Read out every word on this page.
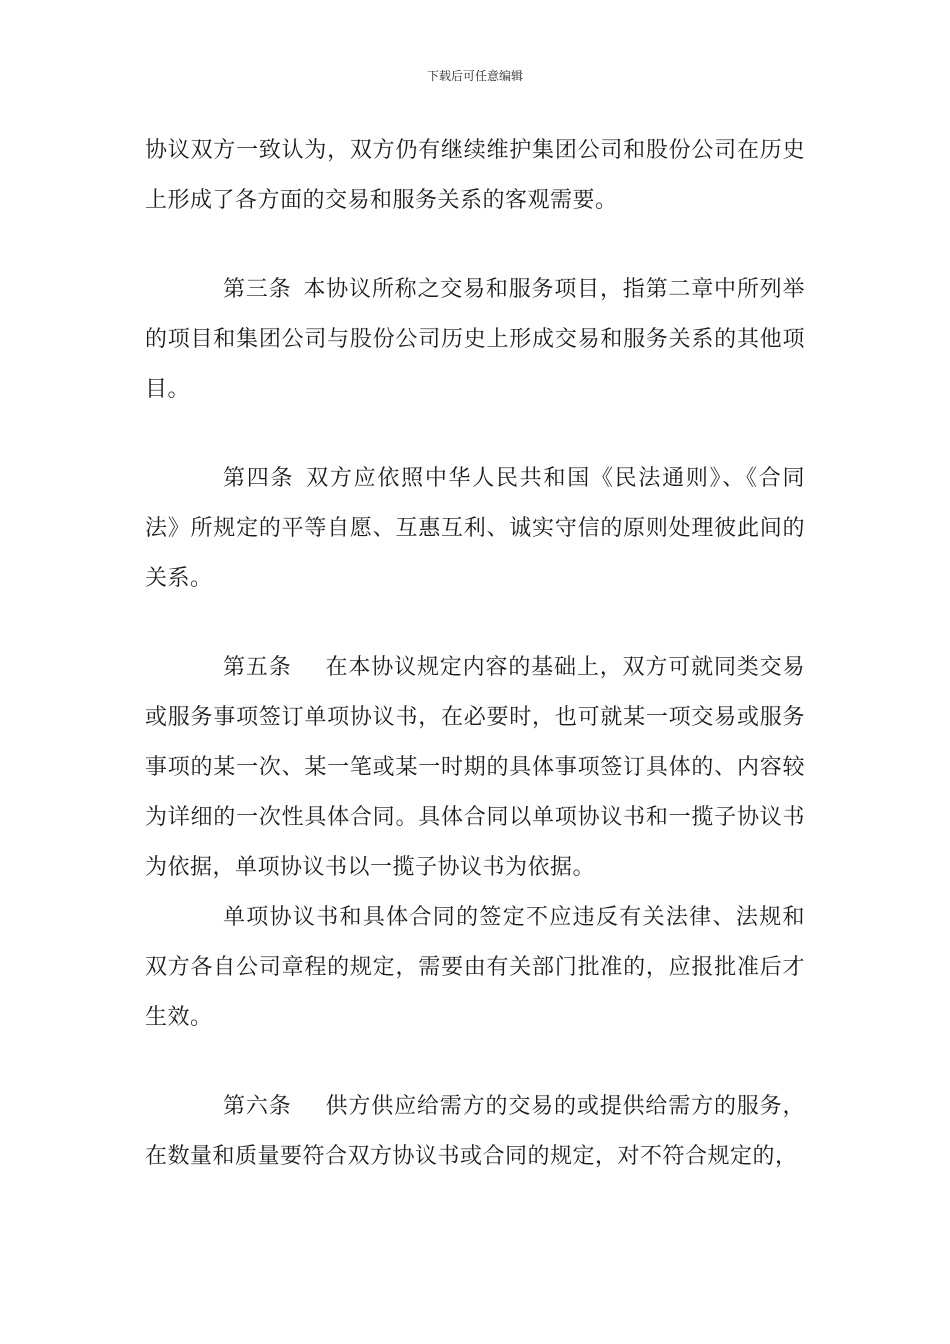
下载后可任意编辑

协议双方一致认为，双方仍有继续维护集团公司和股份公司在历史上形成了各方面的交易和服务关系的客观需要。

第三条 本协议所称之交易和服务项目，指第二章中所列举的项目和集团公司与股份公司历史上形成交易和服务关系的其他项目。

第四条 双方应依照中华人民共和国《民法通则》、《合同法》所规定的平等自愿、互惠互利、诚实守信的原则处理彼此间的关系。

第五条 在本协议规定内容的基础上，双方可就同类交易或服务事项签订单项协议书，在必要时，也可就某一项交易或服务事项的某一次、某一笔或某一时期的具体事项签订具体的、内容较为详细的一次性具体合同。具体合同以单项协议书和一揽子协议书为依据，单项协议书以一揽子协议书为依据。

单项协议书和具体合同的签定不应违反有关法律、法规和双方各自公司章程的规定，需要由有关部门批准的，应报批准后才生效。

第六条 供方供应给需方的交易的或提供给需方的服务，在数量和质量要符合双方协议书或合同的规定，对不符合规定的，
